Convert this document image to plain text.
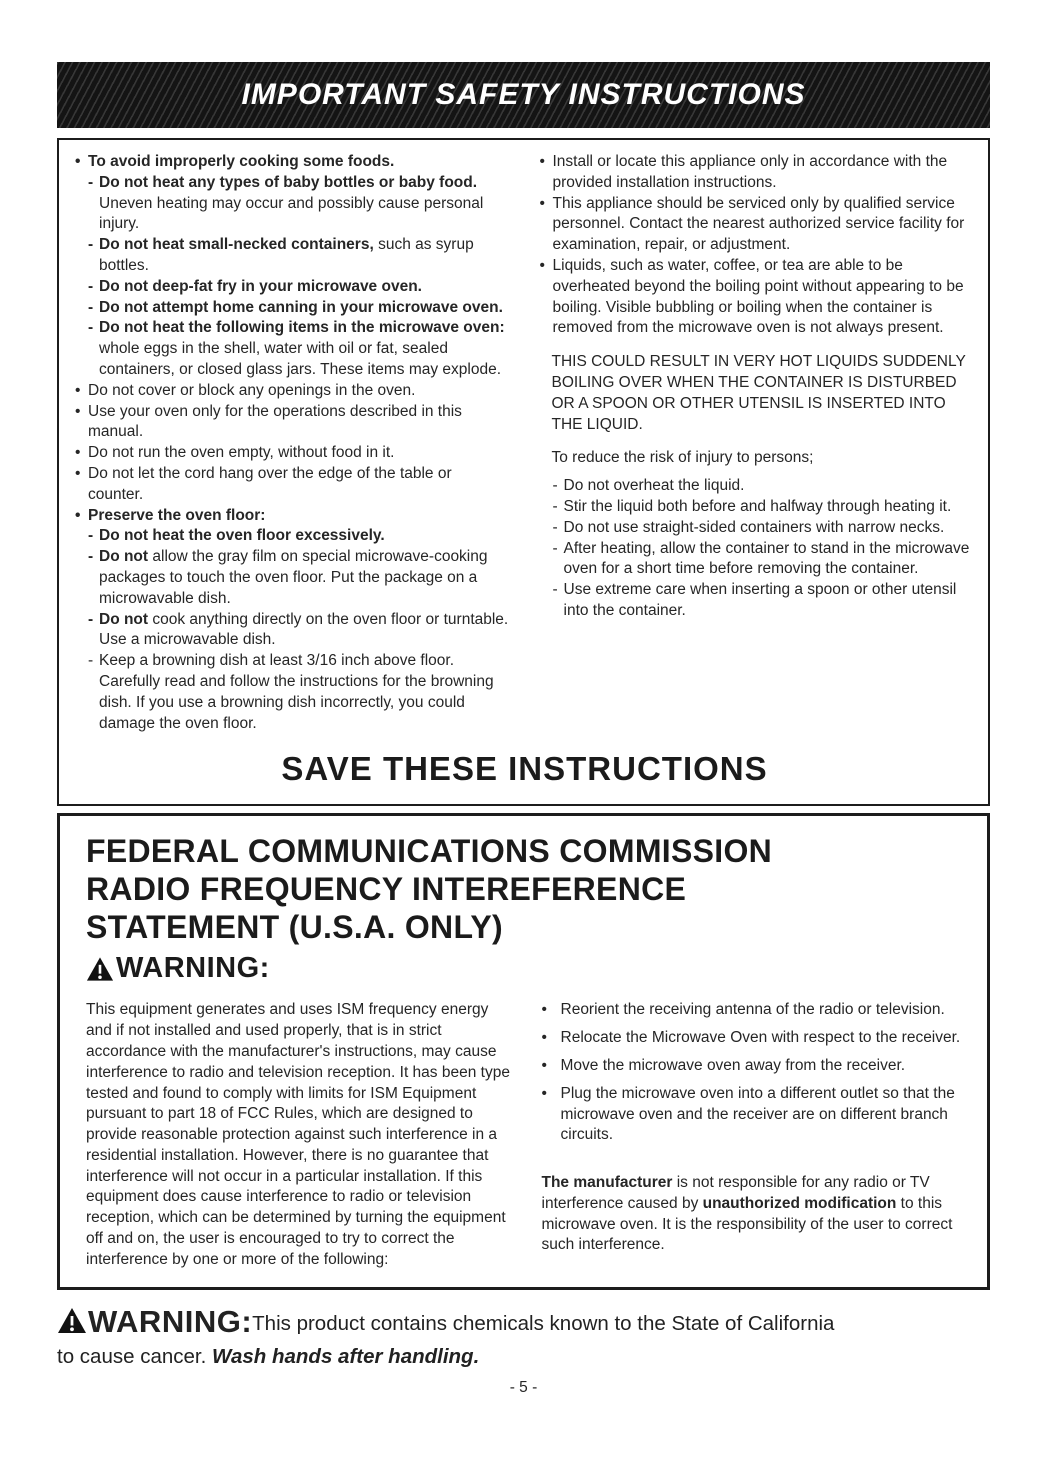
IMPORTANT SAFETY INSTRUCTIONS
• To avoid improperly cooking some foods.
- Do not heat any types of baby bottles or baby food. Uneven heating may occur and possibly cause personal injury.
- Do not heat small-necked containers, such as syrup bottles.
- Do not deep-fat fry in your microwave oven.
- Do not attempt home canning in your microwave oven.
- Do not heat the following items in the microwave oven: whole eggs in the shell, water with oil or fat, sealed containers, or closed glass jars. These items may explode.
• Do not cover or block any openings in the oven.
• Use your oven only for the operations described in this manual.
• Do not run the oven empty, without food in it.
• Do not let the cord hang over the edge of the table or counter.
• Preserve the oven floor:
- Do not heat the oven floor excessively.
- Do not allow the gray film on special microwave-cooking packages to touch the oven floor. Put the package on a microwavable dish.
- Do not cook anything directly on the oven floor or turntable. Use a microwavable dish.
- Keep a browning dish at least 3/16 inch above floor. Carefully read and follow the instructions for the browning dish. If you use a browning dish incorrectly, you could damage the oven floor.
• Install or locate this appliance only in accordance with the provided installation instructions.
• This appliance should be serviced only by qualified service personnel. Contact the nearest authorized service facility for examination, repair, or adjustment.
• Liquids, such as water, coffee, or tea are able to be overheated beyond the boiling point without appearing to be boiling. Visible bubbling or boiling when the container is removed from the microwave oven is not always present.
THIS COULD RESULT IN VERY HOT LIQUIDS SUDDENLY BOILING OVER WHEN THE CONTAINER IS DISTURBED OR A SPOON OR OTHER UTENSIL IS INSERTED INTO THE LIQUID.
To reduce the risk of injury to persons;
- Do not overheat the liquid.
- Stir the liquid both before and halfway through heating it.
- Do not use straight-sided containers with narrow necks.
- After heating, allow the container to stand in the microwave oven for a short time before removing the container.
- Use extreme care when inserting a spoon or other utensil into the container.
SAVE THESE INSTRUCTIONS
FEDERAL COMMUNICATIONS COMMISSION
RADIO FREQUENCY INTEREFERENCE
STATEMENT (U.S.A. ONLY)
WARNING:
This equipment generates and uses ISM frequency energy and if not installed and used properly, that is in strict accordance with the manufacturer's instructions, may cause interference to radio and television reception. It has been type tested and found to comply with limits for ISM Equipment pursuant to part 18 of FCC Rules, which are designed to provide reasonable protection against such interference in a residential installation. However, there is no guarantee that interference will not occur in a particular installation. If this equipment does cause interference to radio or television reception, which can be determined by turning the equipment off and on, the user is encouraged to try to correct the interference by one or more of the following:
• Reorient the receiving antenna of the radio or television.
• Relocate the Microwave Oven with respect to the receiver.
• Move the microwave oven away from the receiver.
• Plug the microwave oven into a different outlet so that the microwave oven and the receiver are on different branch circuits.
The manufacturer is not responsible for any radio or TV interference caused by unauthorized modification to this microwave oven. It is the responsibility of the user to correct such interference.

WARNING:This product contains chemicals known to the State of California
to cause cancer. Wash hands after handling.

- 5 -
